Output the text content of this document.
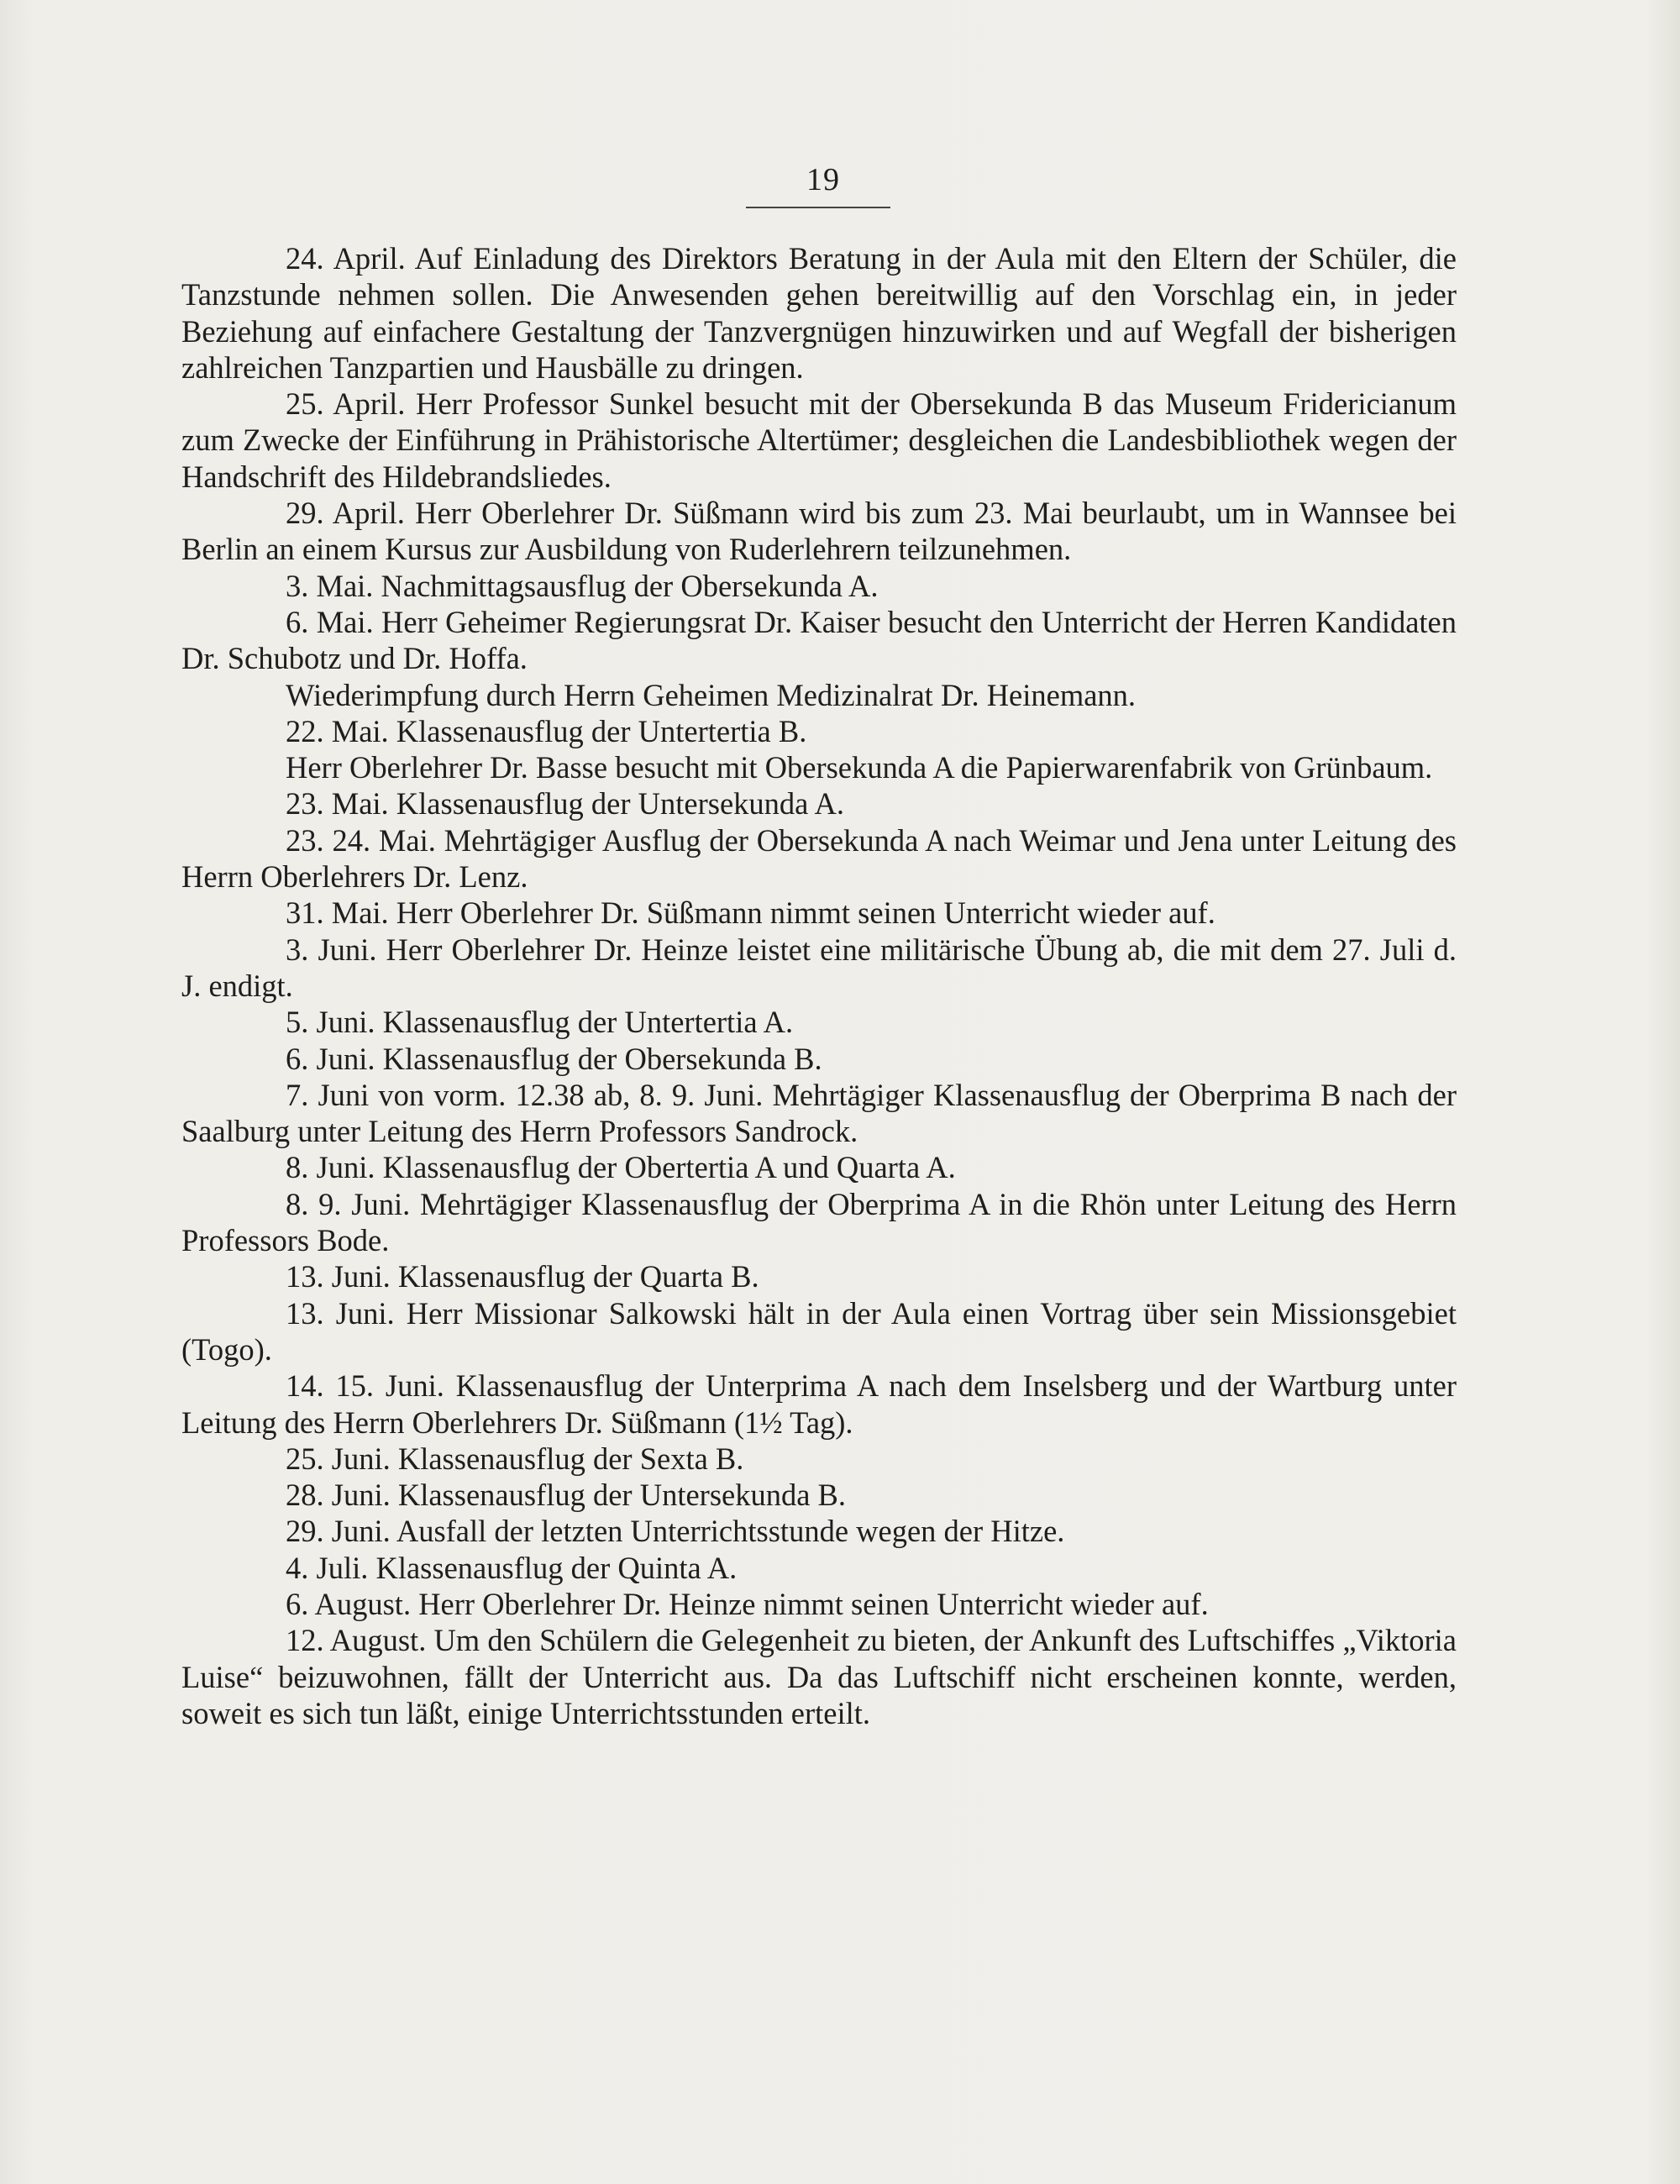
19

24. April. Auf Einladung des Direktors Beratung in der Aula mit den Eltern der Schüler, die Tanzstunde nehmen sollen. Die Anwesenden gehen bereitwillig auf den Vorschlag ein, in jeder Beziehung auf einfachere Gestaltung der Tanzvergnügen hinzuwirken und auf Wegfall der bisherigen zahlreichen Tanzpartien und Hausbälle zu dringen.

25. April. Herr Professor Sunkel besucht mit der Obersekunda B das Museum Fridericianum zum Zwecke der Einführung in Prähistorische Altertümer; desgleichen die Landesbibliothek wegen der Handschrift des Hildebrandsliedes.

29. April. Herr Oberlehrer Dr. Süßmann wird bis zum 23. Mai beurlaubt, um in Wannsee bei Berlin an einem Kursus zur Ausbildung von Ruderlehrern teilzunehmen.

3. Mai. Nachmittagsausflug der Obersekunda A.

6. Mai. Herr Geheimer Regierungsrat Dr. Kaiser besucht den Unterricht der Herren Kandidaten Dr. Schubotz und Dr. Hoffa.

Wiederimpfung durch Herrn Geheimen Medizinalrat Dr. Heinemann.

22. Mai. Klassenausflug der Untertertia B.

Herr Oberlehrer Dr. Basse besucht mit Obersekunda A die Papierwarenfabrik von Grünbaum.

23. Mai. Klassenausflug der Untersekunda A.

23. 24. Mai. Mehrtägiger Ausflug der Obersekunda A nach Weimar und Jena unter Leitung des Herrn Oberlehrers Dr. Lenz.

31. Mai. Herr Oberlehrer Dr. Süßmann nimmt seinen Unterricht wieder auf.

3. Juni. Herr Oberlehrer Dr. Heinze leistet eine militärische Übung ab, die mit dem 27. Juli d. J. endigt.

5. Juni. Klassenausflug der Untertertia A.

6. Juni. Klassenausflug der Obersekunda B.

7. Juni von vorm. 12.38 ab, 8. 9. Juni. Mehrtägiger Klassenausflug der Oberprima B nach der Saalburg unter Leitung des Herrn Professors Sandrock.

8. Juni. Klassenausflug der Obertertia A und Quarta A.

8. 9. Juni. Mehrtägiger Klassenausflug der Oberprima A in die Rhön unter Leitung des Herrn Professors Bode.

13. Juni. Klassenausflug der Quarta B.

13. Juni. Herr Missionar Salkowski hält in der Aula einen Vortrag über sein Missionsgebiet (Togo).

14. 15. Juni. Klassenausflug der Unterprima A nach dem Inselsberg und der Wartburg unter Leitung des Herrn Oberlehrers Dr. Süßmann (1½ Tag).

25. Juni. Klassenausflug der Sexta B.

28. Juni. Klassenausflug der Untersekunda B.

29. Juni. Ausfall der letzten Unterrichtsstunde wegen der Hitze.

4. Juli. Klassenausflug der Quinta A.

6. August. Herr Oberlehrer Dr. Heinze nimmt seinen Unterricht wieder auf.

12. August. Um den Schülern die Gelegenheit zu bieten, der Ankunft des Luftschiffes „Viktoria Luise“ beizuwohnen, fällt der Unterricht aus. Da das Luftschiff nicht erscheinen konnte, werden, soweit es sich tun läßt, einige Unterrichtsstunden erteilt.
